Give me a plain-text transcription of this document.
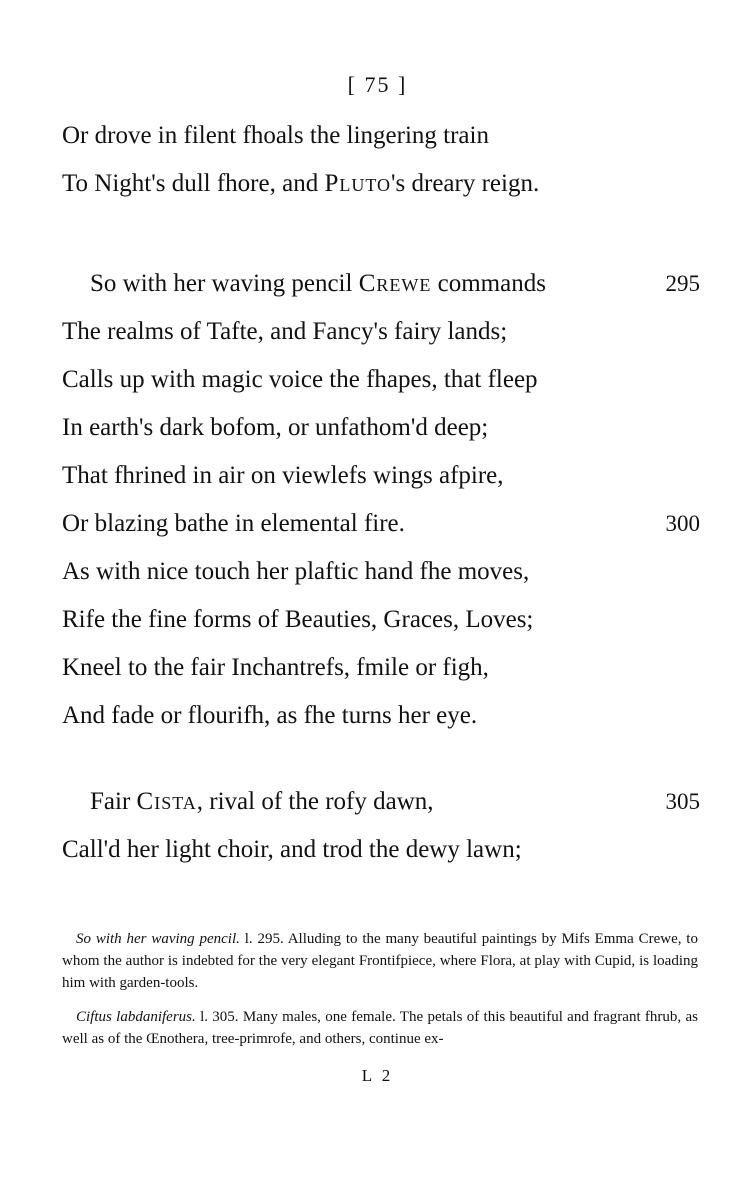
[ 75 ]
Or drove in filent fhoals the lingering train
To Night's dull fhore, and Pluto's dreary reign.
So with her waving pencil Crewe commands	295
The realms of Tafte, and Fancy's fairy lands;
Calls up with magic voice the fhapes, that fleep
In earth's dark bofom, or unfathom'd deep;
That fhrined in air on viewlefs wings afpire,
Or blazing bathe in elemental fire.	300
As with nice touch her plaftic hand fhe moves,
Rife the fine forms of Beauties, Graces, Loves;
Kneel to the fair Inchantrefs, fmile or figh,
And fade or flourifh, as fhe turns her eye.
Fair Cista, rival of the rofy dawn,	305
Call'd her light choir, and trod the dewy lawn;

So with her waving pencil. l. 295. Alluding to the many beautiful paintings by Mifs Emma Crewe, to whom the author is indebted for the very elegant Frontifpiece, where Flora, at play with Cupid, is loading him with garden-tools.

Ciftus labdaniferus. l. 305. Many males, one female. The petals of this beautiful and fragrant fhrub, as well as of the Œnothera, tree-primrofe, and others, continue ex-

L 2
